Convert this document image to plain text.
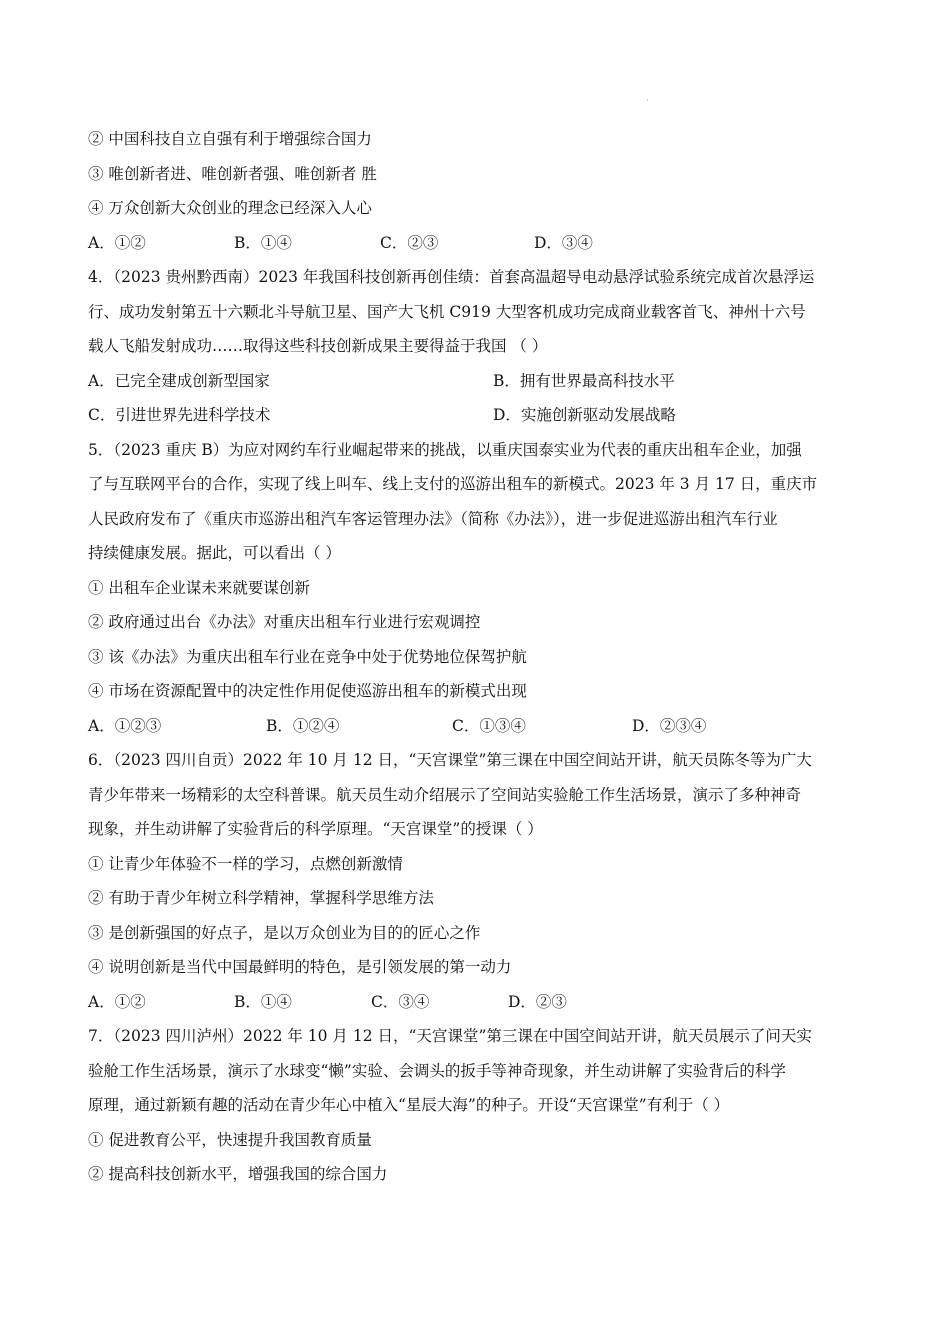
·
② 中国科技自立自强有利于增强综合国力
③ 唯创新者进、唯创新者强、唯创新者 胜
④ 万众创新大众创业的理念已经深入人心
A．①②	B．①④	C．②③	D．③④
4．（2023 贵州黔西南）2023 年我国科技创新再创佳绩：首套高温超导电动悬浮试验系统完成首次悬浮运
行、成功发射第五十六颗北斗导航卫星、国产大飞机 C919 大型客机成功完成商业载客首飞、神州十六号
载人飞船发射成功……取得这些科技创新成果主要得益于我国 （ ）
A．已完全建成创新型国家	B．拥有世界最高科技水平
C．引进世界先进科学技术	D．实施创新驱动发展战略
5．（2023 重庆 B）为应对网约车行业崛起带来的挑战，以重庆国泰实业为代表的重庆出租车企业，加强
了与互联网平台的合作，实现了线上叫车、线上支付的巡游出租车的新模式。2023 年 3 月 17 日，重庆市
人民政府发布了《重庆市巡游出租汽车客运管理办法》（简称《办法》），进一步促进巡游出租汽车行业
持续健康发展。据此，可以看出（ ）
① 出租车企业谋未来就要谋创新
② 政府通过出台《办法》对重庆出租车行业进行宏观调控
③ 该《办法》为重庆出租车行业在竞争中处于优势地位保驾护航
④ 市场在资源配置中的决定性作用促使巡游出租车的新模式出现
A．①②③	B．①②④	C．①③④	D．②③④
6．（2023 四川自贡）2022 年 10 月 12 日，“天宫课堂”第三课在中国空间站开讲，航天员陈冬等为广大
青少年带来一场精彩的太空科普课。航天员生动介绍展示了空间站实验舱工作生活场景，演示了多种神奇
现象，并生动讲解了实验背后的科学原理。“天宫课堂”的授课（ ）
① 让青少年体验不一样的学习，点燃创新激情
② 有助于青少年树立科学精神，掌握科学思维方法
③ 是创新强国的好点子，是以万众创业为目的的匠心之作
④ 说明创新是当代中国最鲜明的特色，是引领发展的第一动力
A．①②	B．①④	C．③④	D．②③
7．（2023 四川泸州）2022 年 10 月 12 日，“天宫课堂”第三课在中国空间站开讲，航天员展示了问天实
验舱工作生活场景，演示了水球变“懒”实验、会调头的扳手等神奇现象，并生动讲解了实验背后的科学
原理，通过新颖有趣的活动在青少年心中植入“星辰大海”的种子。开设“天宫课堂”有利于（ ）
① 促进教育公平，快速提升我国教育质量
② 提高科技创新水平，增强我国的综合国力
